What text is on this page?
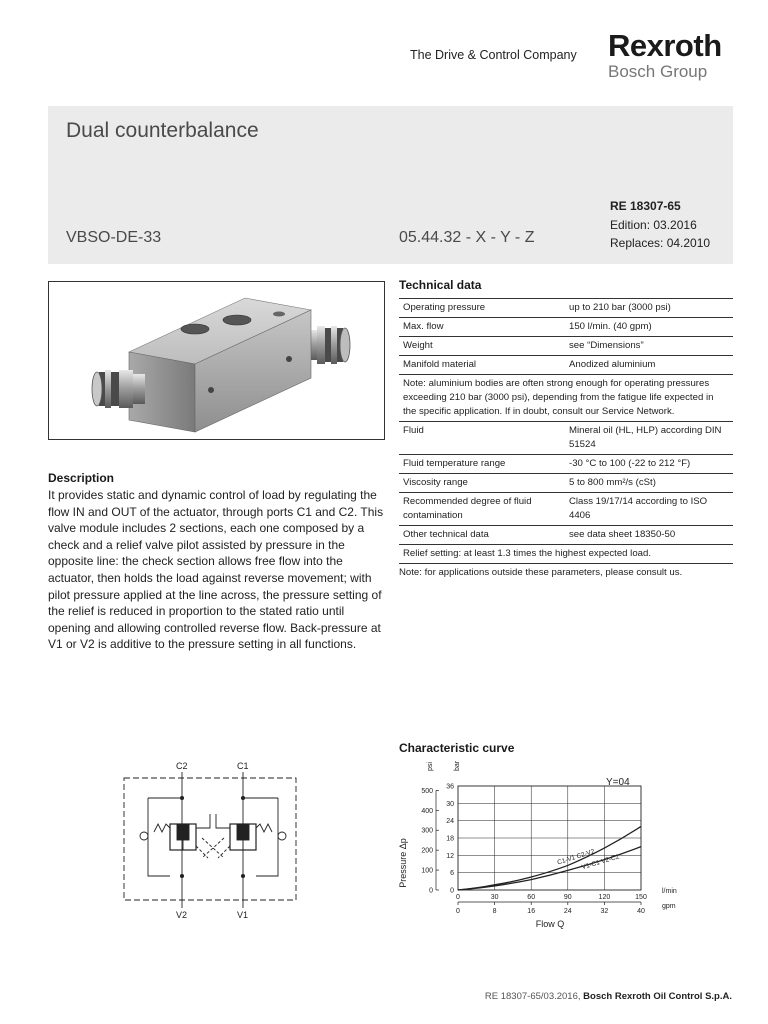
The Drive & Control Company Rexroth
Bosch Group
Dual counterbalance
VBSO-DE-33	05.44.32 - X - Y - Z
RE 18307-65
Edition: 03.2016
Replaces: 04.2010
Description
It provides static and dynamic control of load by regulating the flow IN and OUT of the actuator, through ports C1 and C2. This valve module includes 2 sections, each one composed by a check and a relief valve pilot assisted by pressure in the opposite line: the check section allows free flow into the actuator, then holds the load against reverse movement; with pilot pressure applied at the line across, the pressure setting of the relief is reduced in proportion to the stated ratio until opening and allowing controlled reverse flow. Back-pressure at V1 or V2 is additive to the pressure setting in all functions.
Technical data
Operating pressure	up to 210 bar (3000 psi)
Max. flow	150 l/min. (40 gpm)
Weight	see “Dimensions”
Manifold material	Anodized aluminium
Note: aluminium bodies are often strong enough for operating pressures exceeding 210 bar (3000 psi), depending from the fatigue life expected in the specific application. If in doubt, consult our Service Network.	
Fluid	Mineral oil (HL, HLP) according DIN 51524
Fluid temperature range	-30 °C to 100 (-22 to 212 °F)
Viscosity range	5 to 800 mm²/s (cSt)
Recommended degree of fluid contamination	Class 19/17/14 according to ISO 4406
Other technical data	see data sheet 18350-50
Relief setting: at least 1.3 times the highest expected load.	
Note: for applications outside these parameters, please consult us.
C2	C1
V2	V1
Characteristic curve
C1-V1 C2-V2
V1-C1 V2-C2
0	30	60	90	120	150
0	8	16	24	32	40
0
6
12
18
24
30
36
0
100
200
300
400
500
psi	bar
Pressure Δp
Y=04
l/min
gpm
Flow Q
RE 18307-65/03.2016, Bosch Rexroth Oil Control S.p.A.
